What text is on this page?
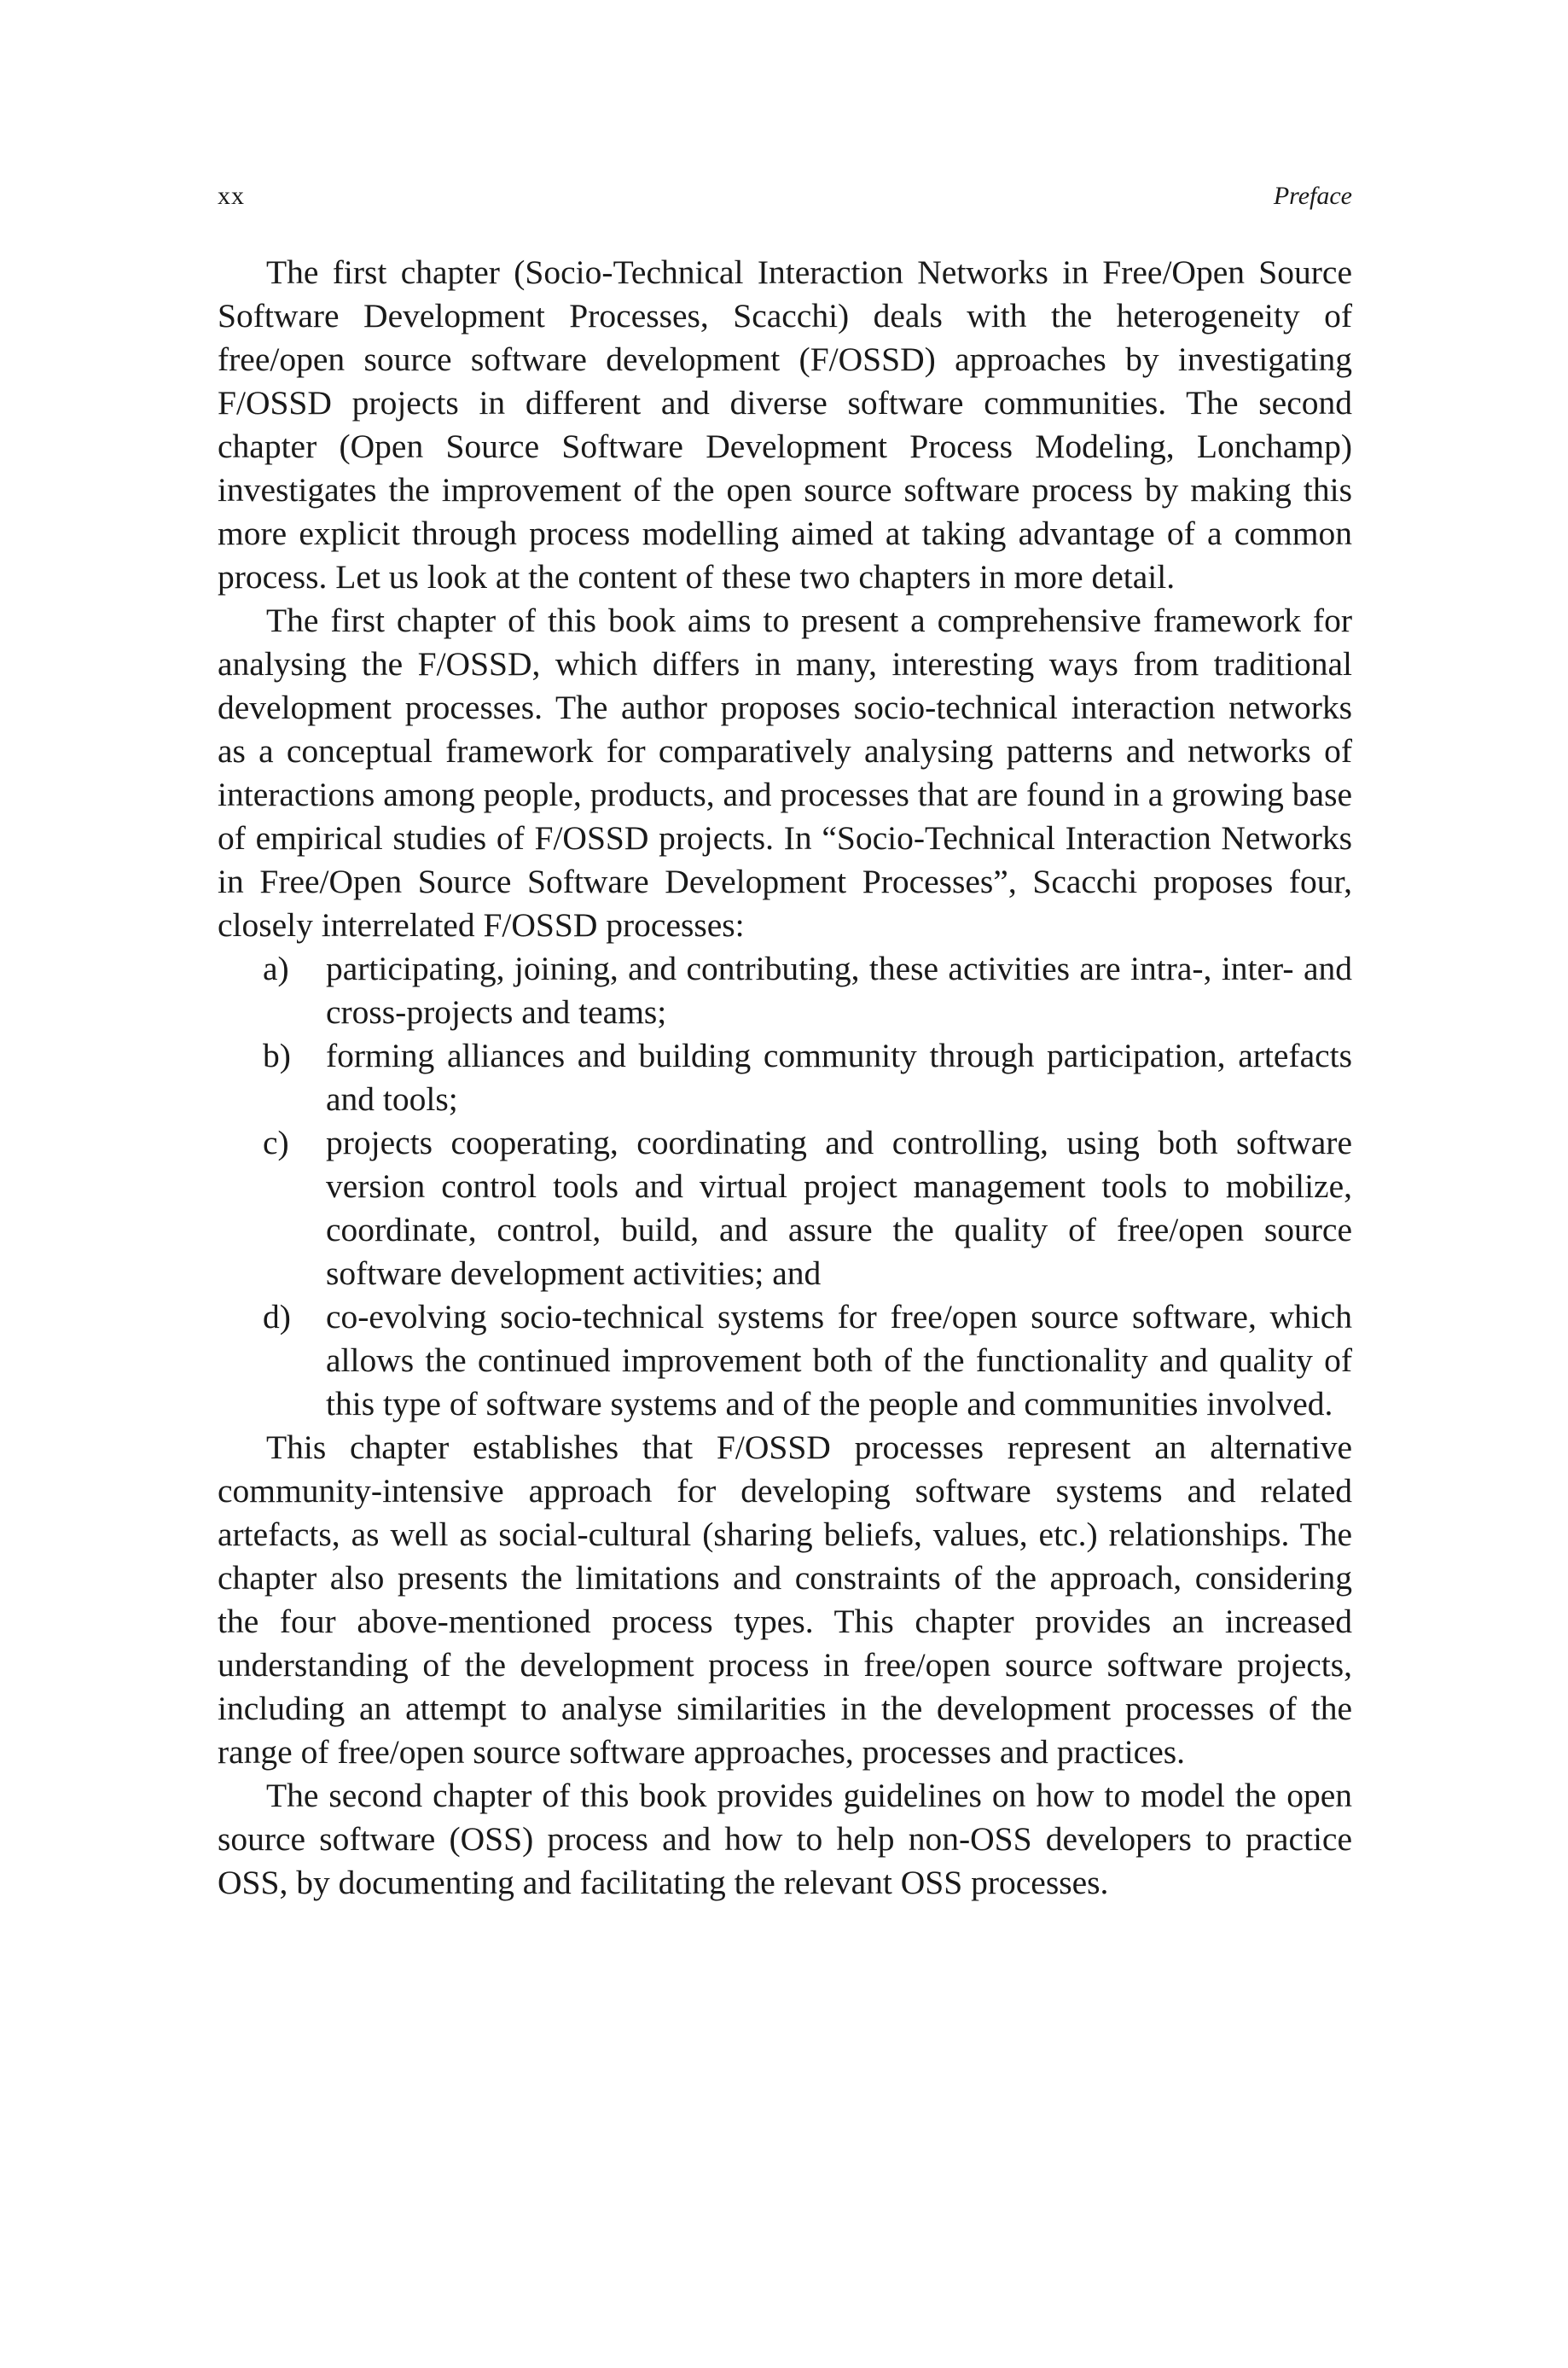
xx	Preface

The first chapter (Socio-Technical Interaction Networks in Free/Open Source Software Development Processes, Scacchi) deals with the heterogeneity of free/open source software development (F/OSSD) approaches by investigating F/OSSD projects in different and diverse software communities. The second chapter (Open Source Software Development Process Modeling, Lonchamp) investigates the improvement of the open source software process by making this more explicit through process modelling aimed at taking advantage of a common process. Let us look at the content of these two chapters in more detail.

The first chapter of this book aims to present a comprehensive framework for analysing the F/OSSD, which differs in many, interesting ways from traditional development processes. The author proposes socio-technical interaction networks as a conceptual framework for comparatively analysing patterns and networks of interactions among people, products, and processes that are found in a growing base of empirical studies of F/OSSD projects. In “Socio-Technical Interaction Networks in Free/Open Source Software Development Processes”, Scacchi proposes four, closely interrelated F/OSSD processes:

a) participating, joining, and contributing, these activities are intra-, inter- and cross-projects and teams;
b) forming alliances and building community through participation, artefacts and tools;
c) projects cooperating, coordinating and controlling, using both software version control tools and virtual project management tools to mobilize, coordinate, control, build, and assure the quality of free/open source software development activities; and
d) co-evolving socio-technical systems for free/open source software, which allows the continued improvement both of the functionality and quality of this type of software systems and of the people and communities involved.

This chapter establishes that F/OSSD processes represent an alternative community-intensive approach for developing software systems and related artefacts, as well as social-cultural (sharing beliefs, values, etc.) relationships. The chapter also presents the limitations and constraints of the approach, considering the four above-mentioned process types. This chapter provides an increased understanding of the development process in free/open source software projects, including an attempt to analyse similarities in the development processes of the range of free/open source software approaches, processes and practices.

The second chapter of this book provides guidelines on how to model the open source software (OSS) process and how to help non-OSS developers to practice OSS, by documenting and facilitating the relevant OSS processes.
